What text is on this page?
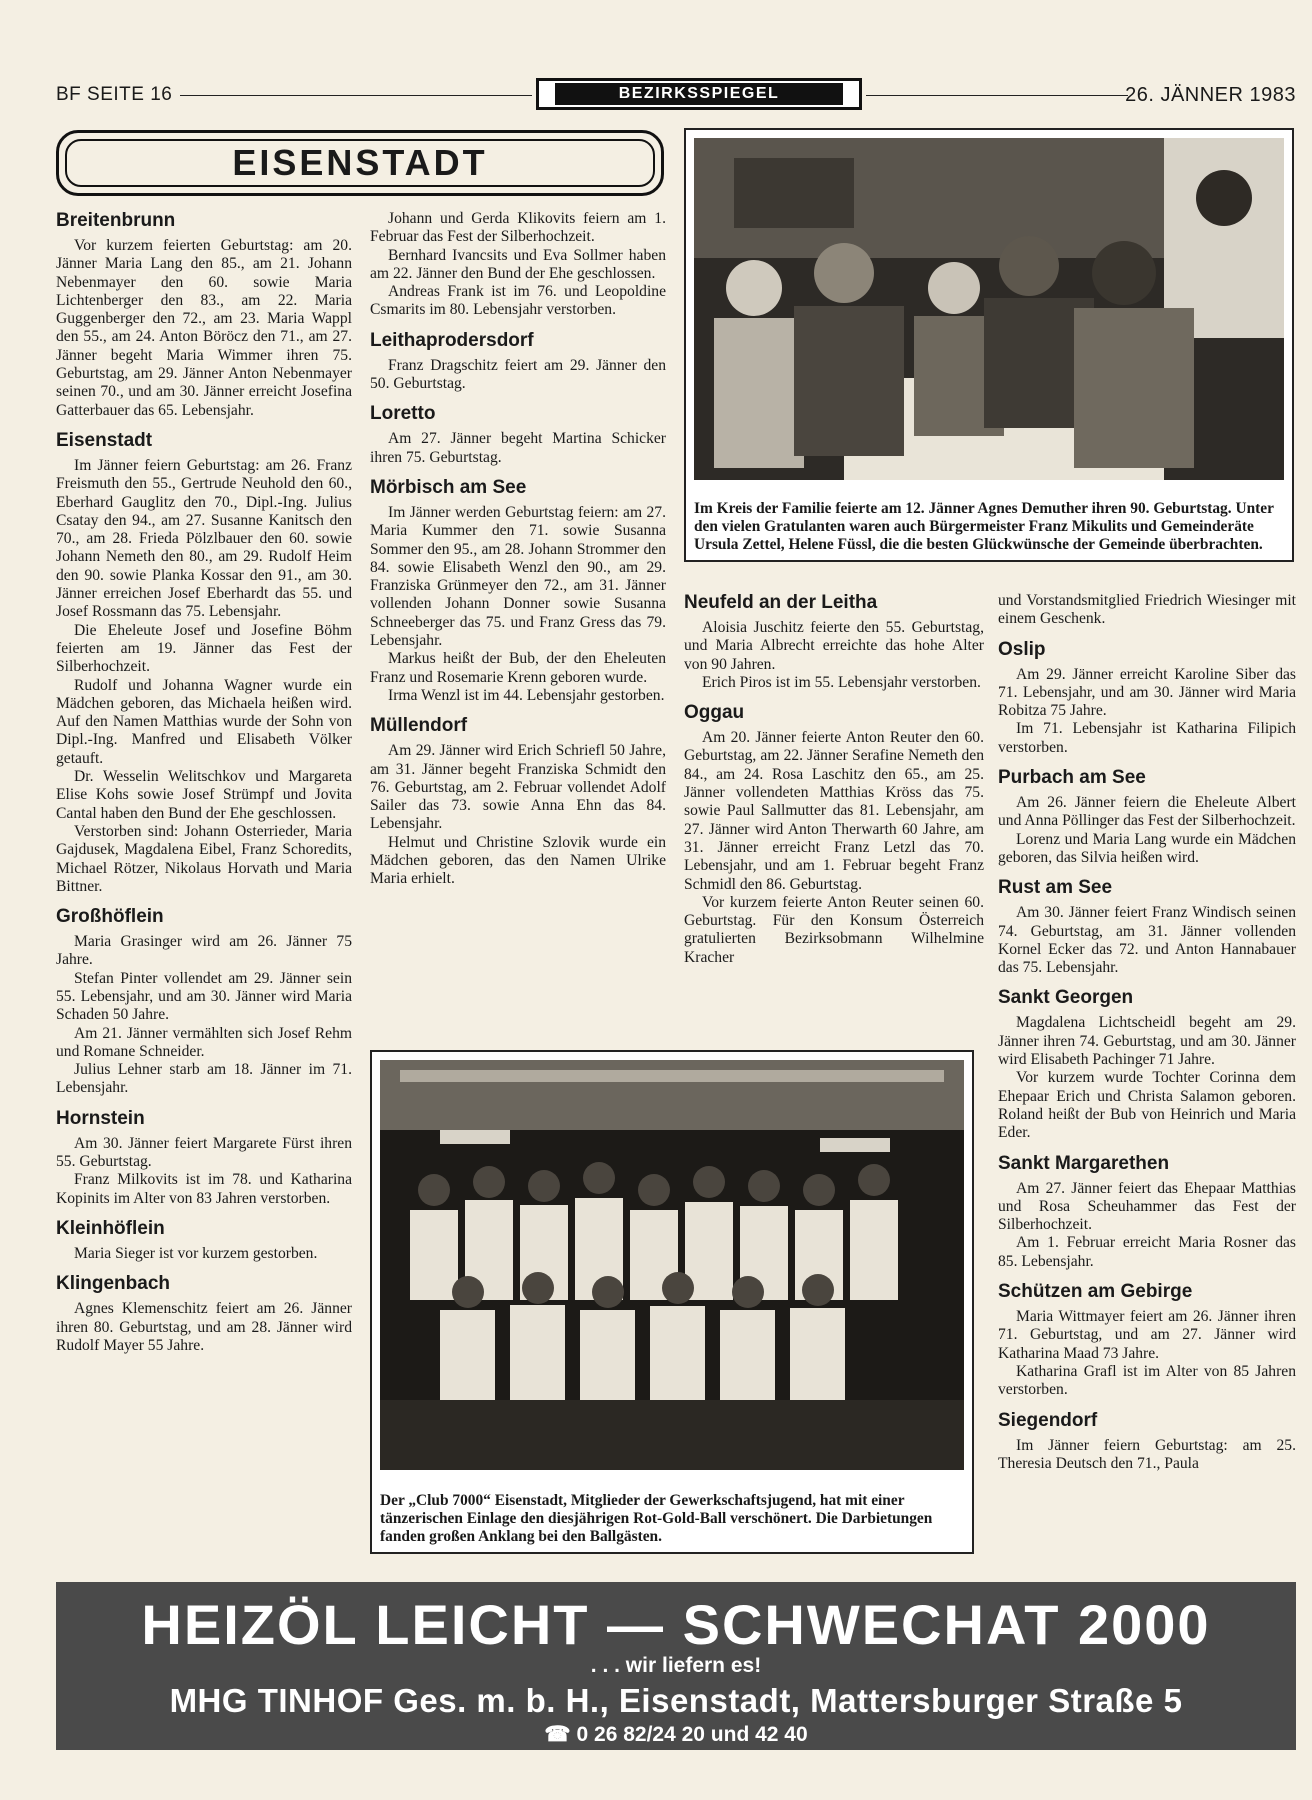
BF SEITE 16	BEZIRKSSPIEGEL	26. JÄNNER 1983
EISENSTADT
Breitenbrunn

Vor kurzem feierten Geburtstag: am 20. Jänner Maria Lang den 85., am 21. Johann Nebenmayer den 60. sowie Maria Lichtenberger den 83., am 22. Maria Guggenberger den 72., am 23. Maria Wappl den 55., am 24. Anton Böröcz den 71., am 27. Jänner begeht Maria Wimmer ihren 75. Geburtstag, am 29. Jänner Anton Nebenmayer seinen 70., und am 30. Jänner erreicht Josefina Gatterbauer das 65. Lebensjahr.

Eisenstadt

Im Jänner feiern Geburtstag: am 26. Franz Freismuth den 55., Gertrude Neuhold den 60., Eberhard Gauglitz den 70., Dipl.-Ing. Julius Csatay den 94., am 27. Susanne Kanitsch den 70., am 28. Frieda Pölzlbauer den 60. sowie Johann Nemeth den 80., am 29. Rudolf Heim den 90. sowie Planka Kossar den 91., am 30. Jänner erreichen Josef Eberhardt das 55. und Josef Rossmann das 75. Lebensjahr.

Die Eheleute Josef und Josefine Böhm feierten am 19. Jänner das Fest der Silberhochzeit.

Rudolf und Johanna Wagner wurde ein Mädchen geboren, das Michaela heißen wird. Auf den Namen Matthias wurde der Sohn von Dipl.-Ing. Manfred und Elisabeth Völker getauft.

Dr. Wesselin Welitschkov und Margareta Elise Kohs sowie Josef Strümpf und Jovita Cantal haben den Bund der Ehe geschlossen.

Verstorben sind: Johann Osterrieder, Maria Gajdusek, Magdalena Eibel, Franz Schoredits, Michael Rötzer, Nikolaus Horvath und Maria Bittner.

Großhöflein

Maria Grasinger wird am 26. Jänner 75 Jahre.

Stefan Pinter vollendet am 29. Jänner sein 55. Lebensjahr, und am 30. Jänner wird Maria Schaden 50 Jahre.

Am 21. Jänner vermählten sich Josef Rehm und Romane Schneider.

Julius Lehner starb am 18. Jänner im 71. Lebensjahr.

Hornstein

Am 30. Jänner feiert Margarete Fürst ihren 55. Geburtstag.

Franz Milkovits ist im 78. und Katharina Kopinits im Alter von 83 Jahren verstorben.

Kleinhöflein

Maria Sieger ist vor kurzem gestorben.

Klingenbach

Agnes Klemenschitz feiert am 26. Jänner ihren 80. Geburtstag, und am 28. Jänner wird Rudolf Mayer 55 Jahre.

Johann und Gerda Klikovits feiern am 1. Februar das Fest der Silberhochzeit.

Bernhard Ivancsits und Eva Sollmer haben am 22. Jänner den Bund der Ehe geschlossen.

Andreas Frank ist im 76. und Leopoldine Csmarits im 80. Lebensjahr verstorben.

Leithaprodersdorf

Franz Dragschitz feiert am 29. Jänner den 50. Geburtstag.

Loretto

Am 27. Jänner begeht Martina Schicker ihren 75. Geburtstag.

Mörbisch am See

Im Jänner werden Geburtstag feiern: am 27. Maria Kummer den 71. sowie Susanna Sommer den 95., am 28. Johann Strommer den 84. sowie Elisabeth Wenzl den 90., am 29. Franziska Grünmeyer den 72., am 31. Jänner vollenden Johann Donner sowie Susanna Schneeberger das 75. und Franz Gress das 79. Lebensjahr.

Markus heißt der Bub, der den Eheleuten Franz und Rosemarie Krenn geboren wurde.

Irma Wenzl ist im 44. Lebensjahr gestorben.

Müllendorf

Am 29. Jänner wird Erich Schriefl 50 Jahre, am 31. Jänner begeht Franziska Schmidt den 76. Geburtstag, am 2. Februar vollendet Adolf Sailer das 73. sowie Anna Ehn das 84. Lebensjahr.

Helmut und Christine Szlovik wurde ein Mädchen geboren, das den Namen Ulrike Maria erhielt.

Im Kreis der Familie feierte am 12. Jänner Agnes Demuther ihren 90. Geburtstag. Unter den vielen Gratulanten waren auch Bürgermeister Franz Mikulits und Gemeinderäte Ursula Zettel, Helene Füssl, die die besten Glückwünsche der Gemeinde überbrachten.
Neufeld an der Leitha

Aloisia Juschitz feierte den 55. Geburtstag, und Maria Albrecht erreichte das hohe Alter von 90 Jahren.

Erich Piros ist im 55. Lebensjahr verstorben.

Oggau

Am 20. Jänner feierte Anton Reuter den 60. Geburtstag, am 22. Jänner Serafine Nemeth den 84., am 24. Rosa Laschitz den 65., am 25. Jänner vollendeten Matthias Kröss das 75. sowie Paul Sallmutter das 81. Lebensjahr, am 27. Jänner wird Anton Therwarth 60 Jahre, am 31. Jänner erreicht Franz Letzl das 70. Lebensjahr, und am 1. Februar begeht Franz Schmidl den 86. Geburtstag.

Vor kurzem feierte Anton Reuter seinen 60. Geburtstag. Für den Konsum Österreich gratulierten Bezirksobmann Wilhelmine Kracher

und Vorstandsmitglied Friedrich Wiesinger mit einem Geschenk.

Oslip

Am 29. Jänner erreicht Karoline Siber das 71. Lebensjahr, und am 30. Jänner wird Maria Robitza 75 Jahre.

Im 71. Lebensjahr ist Katharina Filipich verstorben.

Purbach am See

Am 26. Jänner feiern die Eheleute Albert und Anna Pöllinger das Fest der Silberhochzeit.

Lorenz und Maria Lang wurde ein Mädchen geboren, das Silvia heißen wird.

Rust am See

Am 30. Jänner feiert Franz Windisch seinen 74. Geburtstag, am 31. Jänner vollenden Kornel Ecker das 72. und Anton Hannabauer das 75. Lebensjahr.

Sankt Georgen

Magdalena Lichtscheidl begeht am 29. Jänner ihren 74. Geburtstag, und am 30. Jänner wird Elisabeth Pachinger 71 Jahre.

Vor kurzem wurde Tochter Corinna dem Ehepaar Erich und Christa Salamon geboren. Roland heißt der Bub von Heinrich und Maria Eder.

Sankt Margarethen

Am 27. Jänner feiert das Ehepaar Matthias und Rosa Scheuhammer das Fest der Silberhochzeit.

Am 1. Februar erreicht Maria Rosner das 85. Lebensjahr.

Schützen am Gebirge

Maria Wittmayer feiert am 26. Jänner ihren 71. Geburtstag, und am 27. Jänner wird Katharina Maad 73 Jahre.

Katharina Grafl ist im Alter von 85 Jahren verstorben.

Siegendorf

Im Jänner feiern Geburtstag: am 25. Theresia Deutsch den 71., Paula

Der „Club 7000“ Eisenstadt, Mitglieder der Gewerkschaftsjugend, hat mit einer tänzerischen Einlage den diesjährigen Rot-Gold-Ball verschönert. Die Darbietungen fanden großen Anklang bei den Ballgästen.
HEIZÖL LEICHT — SCHWECHAT 2000
. . . wir liefern es!
MHG TINHOF Ges. m. b. H., Eisenstadt, Mattersburger Straße 5
☎ 0 26 82/24 20 und 42 40
